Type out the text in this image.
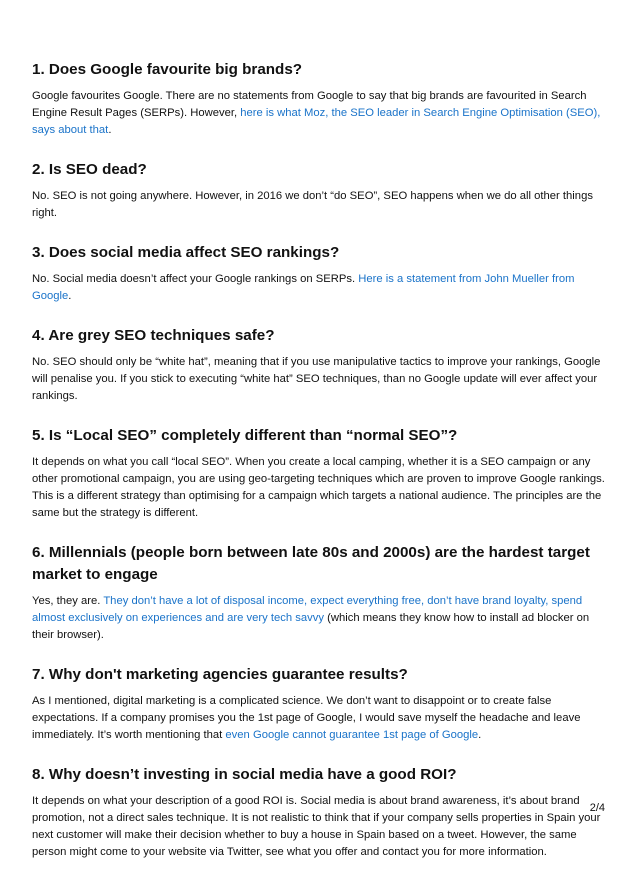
1. Does Google favourite big brands?

Google favourites Google. There are no statements from Google to say that big brands are favourited in Search Engine Result Pages (SERPs). However, here is what Moz, the SEO leader in Search Engine Optimisation (SEO), says about that.

2. Is SEO dead?

No. SEO is not going anywhere. However, in 2016 we don’t “do SEO”, SEO happens when we do all other things right.

3. Does social media affect SEO rankings?

No. Social media doesn’t affect your Google rankings on SERPs. Here is a statement from John Mueller from Google.

4. Are grey SEO techniques safe?

No. SEO should only be “white hat”, meaning that if you use manipulative tactics to improve your rankings, Google will penalise you. If you stick to executing “white hat” SEO techniques, than no Google update will ever affect your rankings.

5. Is “Local SEO” completely different than “normal SEO”?

It depends on what you call “local SEO”. When you create a local camping, whether it is a SEO campaign or any other promotional campaign, you are using geo-targeting techniques which are proven to improve Google rankings. This is a different strategy than optimising for a campaign which targets a national audience. The principles are the same but the strategy is different.

6. Millennials (people born between late 80s and 2000s) are the hardest target market to engage

Yes, they are. They don’t have a lot of disposal income, expect everything free, don’t have brand loyalty, spend almost exclusively on experiences and are very tech savvy (which means they know how to install ad blocker on their browser).

7. Why don't marketing agencies guarantee results?

As I mentioned, digital marketing is a complicated science. We don’t want to disappoint or to create false expectations. If a company promises you the 1st page of Google, I would save myself the headache and leave immediately. It’s worth mentioning that even Google cannot guarantee 1st page of Google.

8. Why doesn’t investing in social media have a good ROI?

It depends on what your description of a good ROI is. Social media is about brand awareness, it’s about brand promotion, not a direct sales technique. It is not realistic to think that if your company sells properties in Spain your next customer will make their decision whether to buy a house in Spain based on a tweet. However, the same person might come to your website via Twitter, see what you offer and contact you for more information.

2/4
